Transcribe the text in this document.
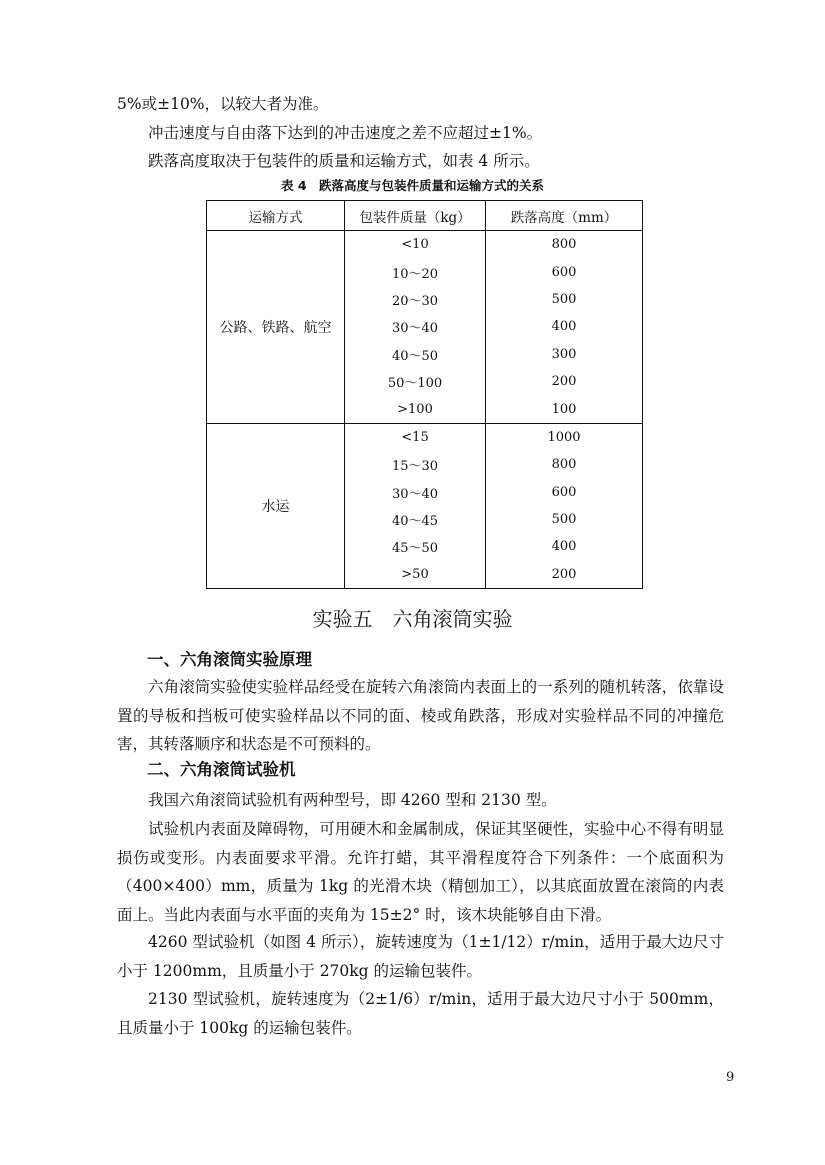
5%或±10%，以较大者为准。
冲击速度与自由落下达到的冲击速度之差不应超过±1%。
跌落高度取决于包装件的质量和运输方式，如表 4 所示。
表 4　跌落高度与包装件质量和运输方式的关系
运输方式	包装件质量（kg）	跌落高度（mm）
公路、铁路、航空	<10	800
	10～20	600
	20～30	500
	30～40	400
	40～50	300
	50～100	200
	>100	100
水运	<15	1000
	15～30	800
	30～40	600
	40～45	500
	45～50	400
	>50	200
实验五　六角滚筒实验
一、六角滚筒实验原理

六角滚筒实验使实验样品经受在旋转六角滚筒内表面上的一系列的随机转落，依靠设置的导板和挡板可使实验样品以不同的面、棱或角跌落，形成对实验样品不同的冲撞危害，其转落顺序和状态是不可预料的。

二、六角滚筒试验机

我国六角滚筒试验机有两种型号，即 4260 型和 2130 型。

试验机内表面及障碍物，可用硬木和金属制成，保证其坚硬性，实验中心不得有明显损伤或变形。内表面要求平滑。允许打蜡，其平滑程度符合下列条件：一个底面积为（400×400）mm，质量为 1kg 的光滑木块（精刨加工），以其底面放置在滚筒的内表面上。当此内表面与水平面的夹角为 15±2° 时，该木块能够自由下滑。

4260 型试验机（如图 4 所示），旋转速度为（1±1/12）r/min，适用于最大边尺寸小于 1200mm，且质量小于 270kg 的运输包装件。

2130 型试验机，旋转速度为（2±1/6）r/min，适用于最大边尺寸小于 500mm，且质量小于 100kg 的运输包装件。

9
